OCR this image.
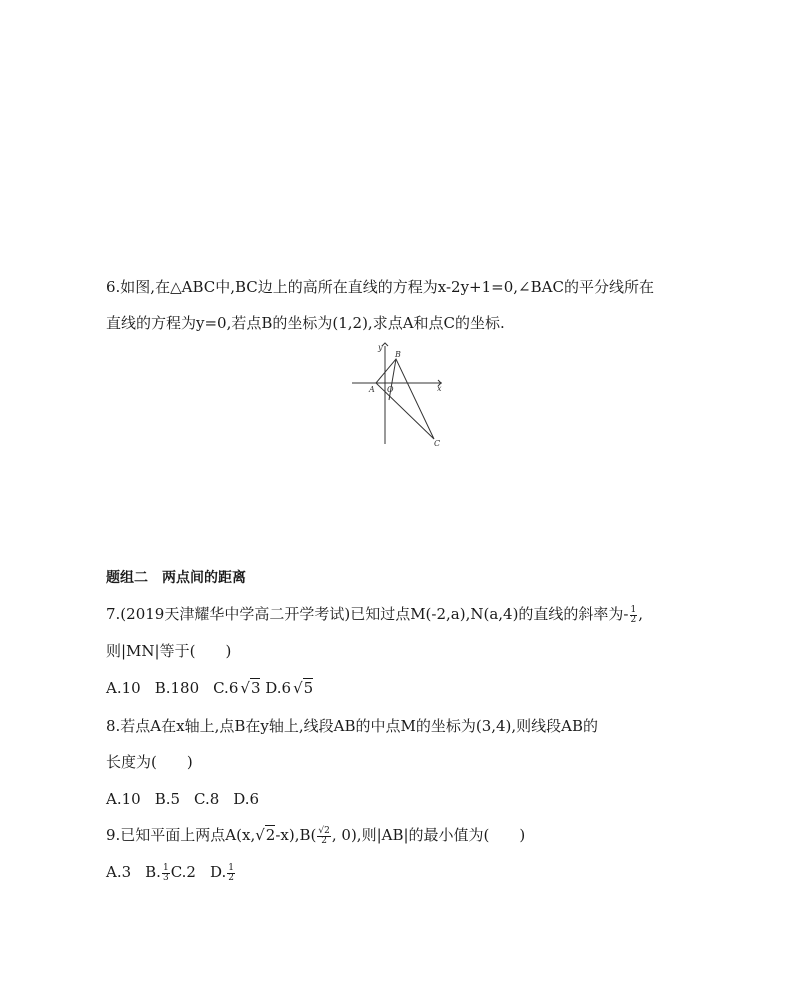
6.如图,在△ABC中,BC边上的高所在直线的方程为x-2y+1=0,∠BAC的平分线所在
直线的方程为y=0,若点B的坐标为(1,2),求点A和点C的坐标.
y
x
A O
B
C
题组二　两点间的距离
7.(2019天津耀华中学高二开学考试)已知过点M(-2,a),N(a,4)的直线的斜率为- $\frac{1}{2}$ ,
则|MN|等于(　　)
A.10 B.180 C.6 √3 D.6 √5
8.若点A在x轴上,点B在y轴上,线段AB的中点M的坐标为(3,4),则线段AB的
长度为(　　)
A.10 B.5 C.8 D.6
9.已知平面上两点$A(x,√2-x),B( \frac{√2}{2}$ , 0),则|AB|的最小值为(　　)
A.3 B. $\frac{1}{3} C.2$ D. $\frac{1}{2}$
